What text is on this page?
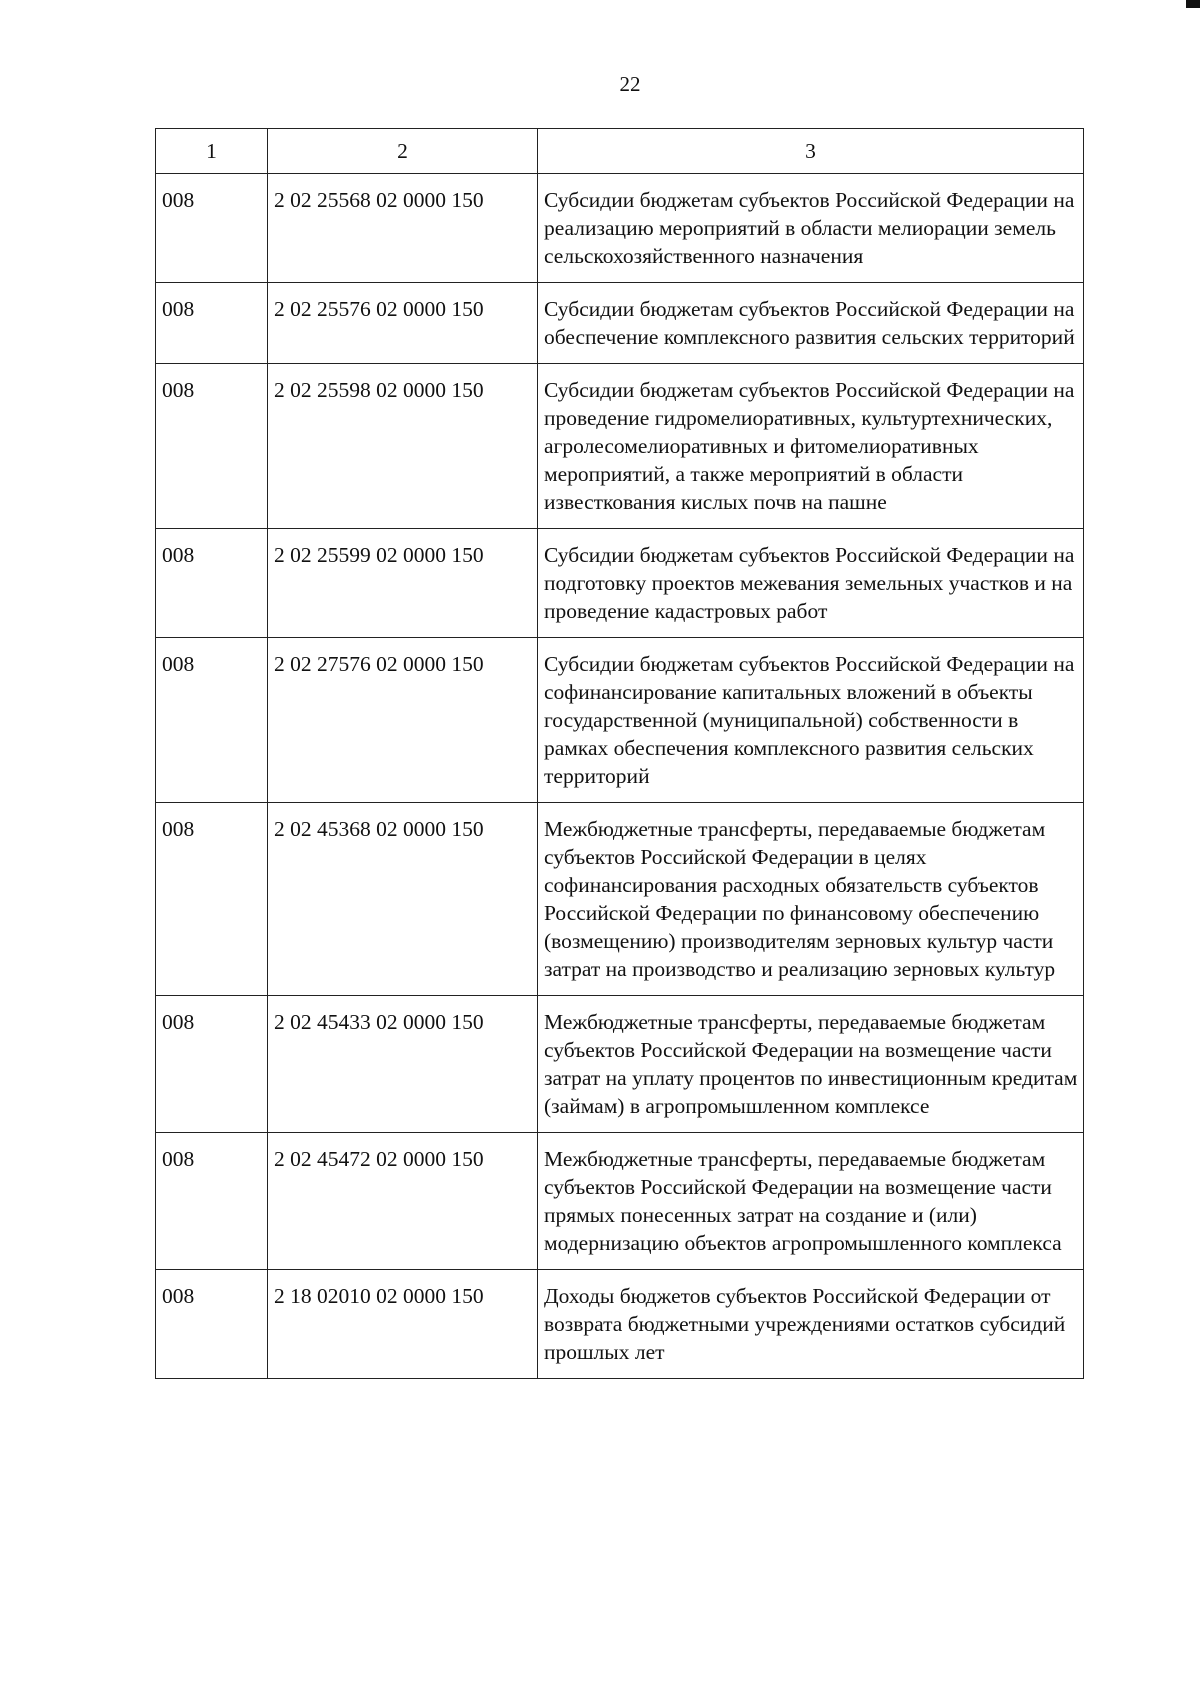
22
1	2	3
008	2 02 25568 02 0000 150	Субсидии бюджетам субъектов Российской Федерации на реализацию мероприятий в области мелиорации земель сельскохозяйственного назначения
008	2 02 25576 02 0000 150	Субсидии бюджетам субъектов Российской Федерации на обеспечение комплексного развития сельских территорий
008	2 02 25598 02 0000 150	Субсидии бюджетам субъектов Российской Федерации на проведение гидромелиоративных, культуртехнических, агролесомелиоративных и фитомелиоративных мероприятий, а также мероприятий в области известкования кислых почв на пашне
008	2 02 25599 02 0000 150	Субсидии бюджетам субъектов Российской Федерации на подготовку проектов межевания земельных участков и на проведение кадастровых работ
008	2 02 27576 02 0000 150	Субсидии бюджетам субъектов Российской Федерации на софинансирование капитальных вложений в объекты государственной (муниципальной) собственности в рамках обеспечения комплексного развития сельских территорий
008	2 02 45368 02 0000 150	Межбюджетные трансферты, передаваемые бюджетам субъектов Российской Федерации в целях софинансирования расходных обязательств субъектов Российской Федерации по финансовому обеспечению (возмещению) производителям зерновых культур части затрат на производство и реализацию зерновых культур
008	2 02 45433 02 0000 150	Межбюджетные трансферты, передаваемые бюджетам субъектов Российской Федерации на возмещение части затрат на уплату процентов по инвестиционным кредитам (займам) в агропромышленном комплексе
008	2 02 45472 02 0000 150	Межбюджетные трансферты, передаваемые бюджетам субъектов Российской Федерации на возмещение части прямых понесенных затрат на создание и (или) модернизацию объектов агропромышленного комплекса
008	2 18 02010 02 0000 150	Доходы бюджетов субъектов Российской Федерации от возврата бюджетными учреждениями остатков субсидий прошлых лет
